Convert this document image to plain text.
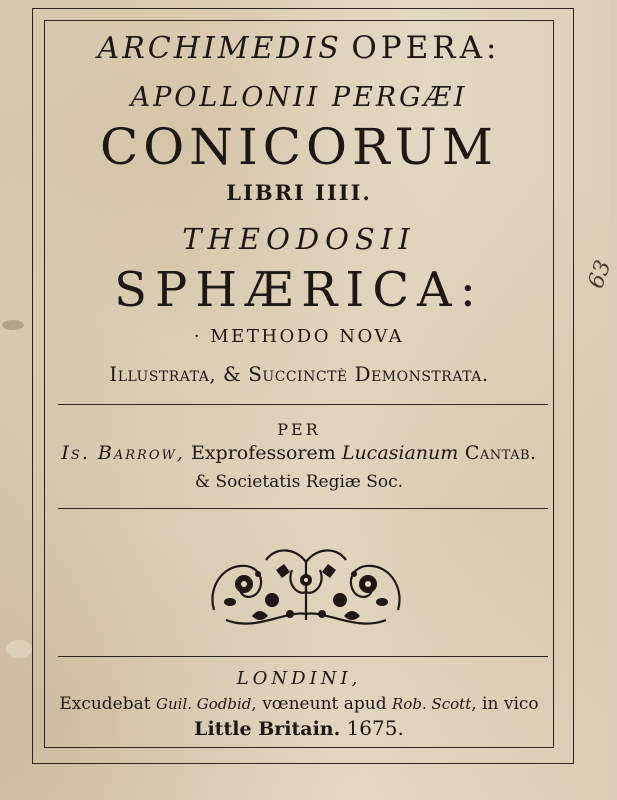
ARCHIMEDIS OPERA:
APOLLONII PERGÆI
CONICORUM
LIBRI IIII.
THEODOSII
SPHÆRICA:
· METHODO NOVA
Illustrata, & Succinctè Demonstrata.
PER
Is. Barrow, Exprofessorem Lucasianum Cantab.
& Societatis Regiæ Soc.
LONDINI,
Excudebat Guil. Godbid, vœneunt apud Rob. Scott, in vico
Little Britain. 1675.
63
